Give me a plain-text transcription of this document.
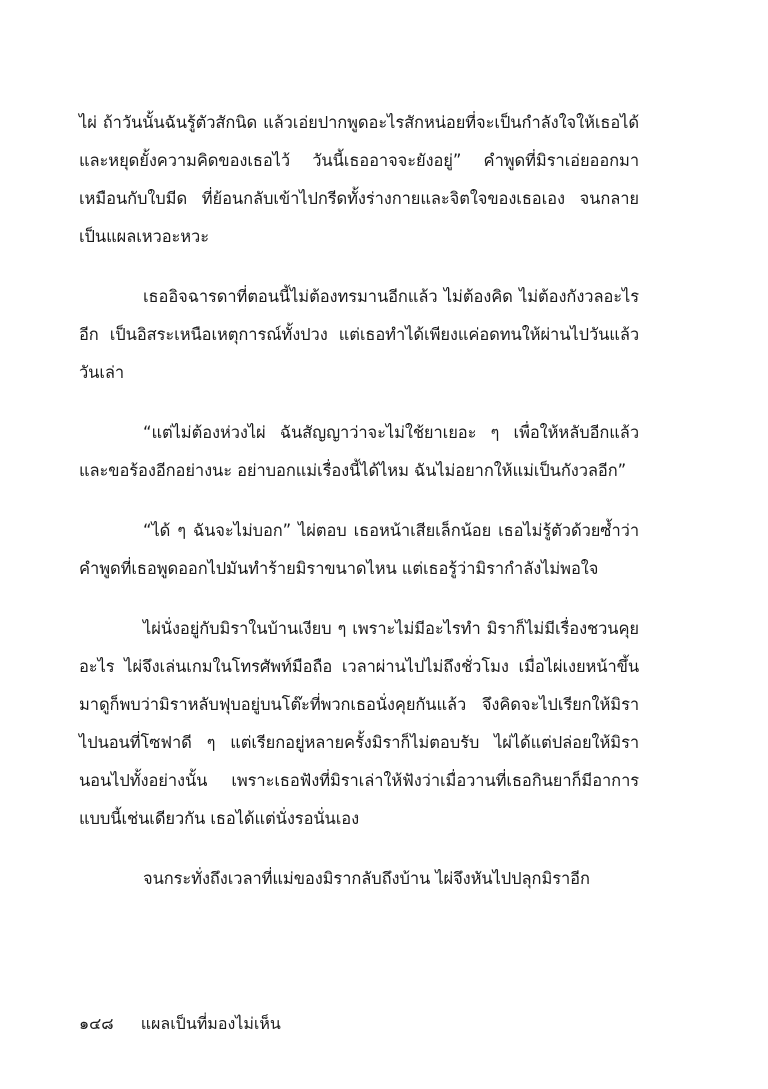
ไผ่ ถ้าวันนั้นฉันรู้ตัวสักนิด แล้วเอ่ยปากพูดอะไรสักหน่อยที่จะเป็นกำลังใจให้เธอได้ และหยุดยั้งความคิดของเธอไว้ วันนี้เธออาจจะยังอยู่” คำพูดที่มิราเอ่ยออกมาเหมือนกับใบมีด ที่ย้อนกลับเข้าไปกรีดทั้งร่างกายและจิตใจของเธอเอง จนกลายเป็นแผลเหวอะหวะ

เธออิจฉารดาที่ตอนนี้ไม่ต้องทรมานอีกแล้ว ไม่ต้องคิด ไม่ต้องกังวลอะไรอีก เป็นอิสระเหนือเหตุการณ์ทั้งปวง แต่เธอทำได้เพียงแค่อดทนให้ผ่านไปวันแล้ววันเล่า

“แต่ไม่ต้องห่วงไผ่ ฉันสัญญาว่าจะไม่ใช้ยาเยอะ ๆ เพื่อให้หลับอีกแล้ว และขอร้องอีกอย่างนะ อย่าบอกแม่เรื่องนี้ได้ไหม ฉันไม่อยากให้แม่เป็นกังวลอีก”

“ได้ ๆ ฉันจะไม่บอก” ไผ่ตอบ เธอหน้าเสียเล็กน้อย เธอไม่รู้ตัวด้วยซ้ำว่าคำพูดที่เธอพูดออกไปมันทำร้ายมิราขนาดไหน แต่เธอรู้ว่ามิรากำลังไม่พอใจ

ไผ่นั่งอยู่กับมิราในบ้านเงียบ ๆ เพราะไม่มีอะไรทำ มิราก็ไม่มีเรื่องชวนคุยอะไร ไผ่จึงเล่นเกมในโทรศัพท์มือถือ เวลาผ่านไปไม่ถึงชั่วโมง เมื่อไผ่เงยหน้าขึ้นมาดูก็พบว่ามิราหลับฟุบอยู่บนโต๊ะที่พวกเธอนั่งคุยกันแล้ว จึงคิดจะไปเรียกให้มิราไปนอนที่โซฟาดี ๆ แต่เรียกอยู่หลายครั้งมิราก็ไม่ตอบรับ ไผ่ได้แต่ปล่อยให้มิรานอนไปทั้งอย่างนั้น เพราะเธอฟังที่มิราเล่าให้ฟังว่าเมื่อวานที่เธอกินยาก็มีอาการแบบนี้เช่นเดียวกัน เธอได้แต่นั่งรอนั่นเอง

จนกระทั่งถึงเวลาที่แม่ของมิรากลับถึงบ้าน ไผ่จึงหันไปปลุกมิราอีก

๑๔๘ แผลเป็นที่มองไม่เห็น
